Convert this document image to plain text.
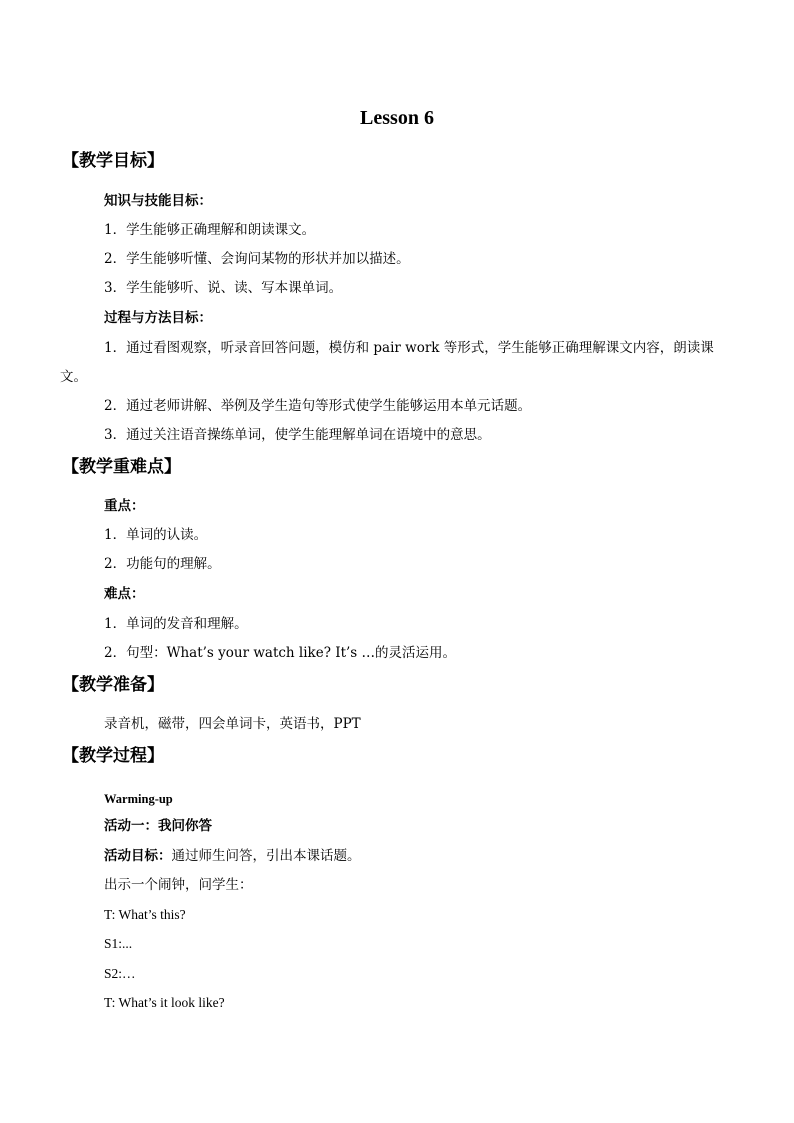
Lesson 6
【教学目标】
知识与技能目标：
1．学生能够正确理解和朗读课文。
2．学生能够听懂、会询问某物的形状并加以描述。
3．学生能够听、说、读、写本课单词。
过程与方法目标：
1．通过看图观察，听录音回答问题，模仿和 pair work 等形式，学生能够正确理解课文内容，朗读课文。
2．通过老师讲解、举例及学生造句等形式使学生能够运用本单元话题。
3．通过关注语音操练单词，使学生能理解单词在语境中的意思。
【教学重难点】
重点：
1．单词的认读。
2．功能句的理解。
难点：
1．单词的发音和理解。
2．句型：What’s your watch like? It’s …的灵活运用。
【教学准备】
录音机，磁带，四会单词卡，英语书，PPT
【教学过程】
Warming-up
活动一：我问你答
活动目标：通过师生问答，引出本课话题。
出示一个闹钟，问学生：
T: What’s this?
S1:...
S2:…
T: What’s it look like?
